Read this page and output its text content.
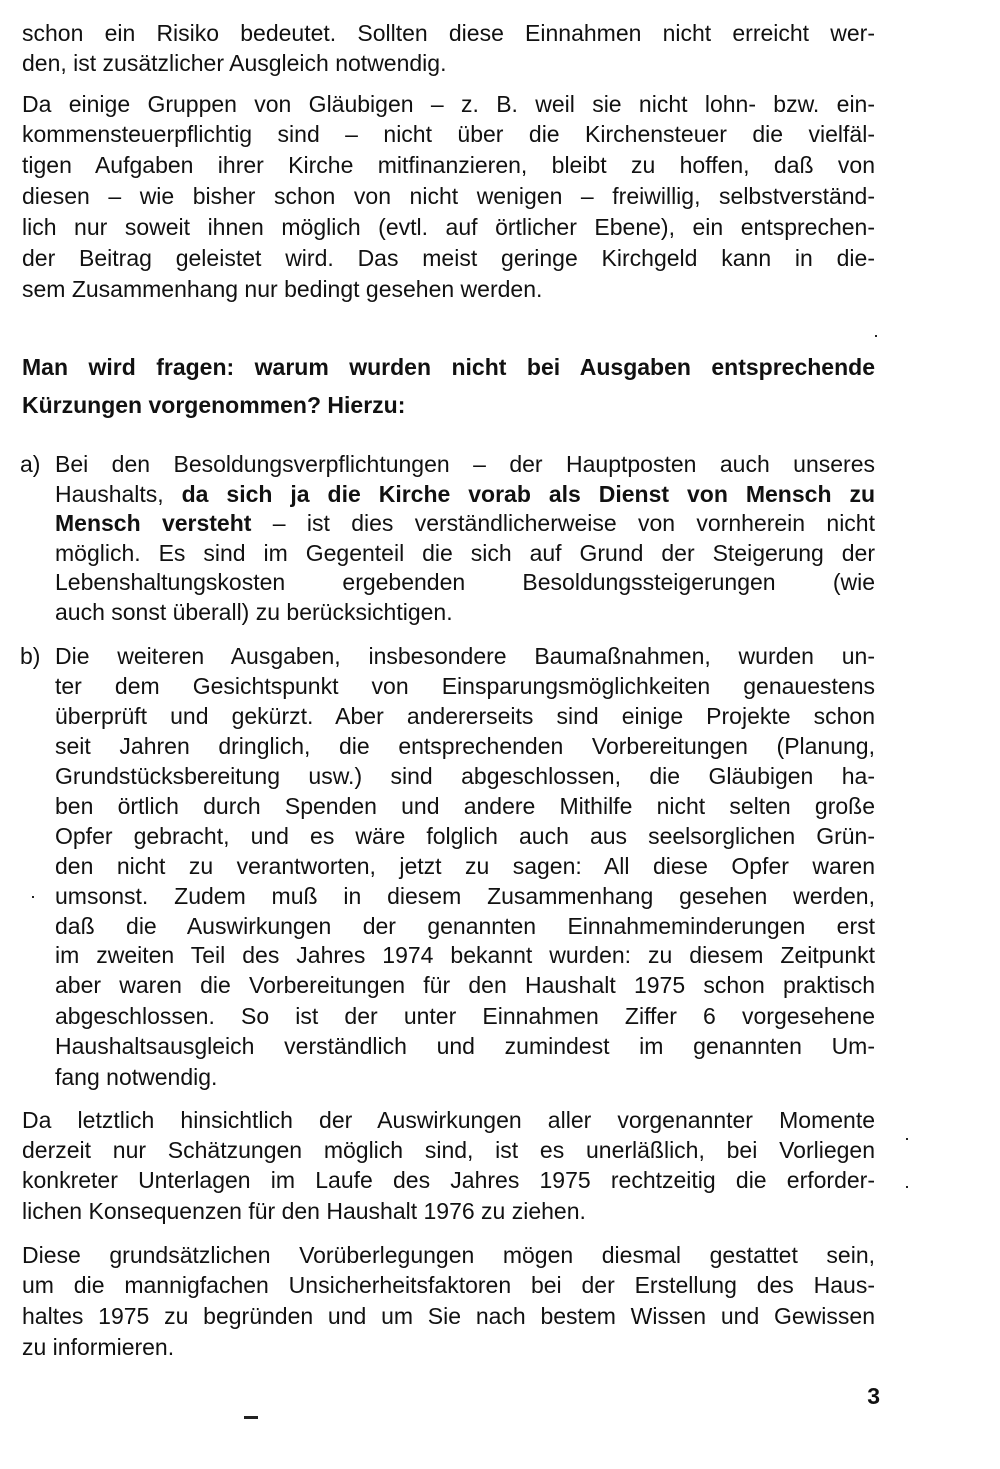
schon ein Risiko bedeutet. Sollten diese Einnahmen nicht erreicht wer-
den, ist zusätzlicher Ausgleich notwendig.
Da einige Gruppen von Gläubigen – z. B. weil sie nicht lohn- bzw. ein-
kommensteuerpflichtig sind – nicht über die Kirchensteuer die vielfäl-
tigen Aufgaben ihrer Kirche mitfinanzieren, bleibt zu hoffen, daß von
diesen – wie bisher schon von nicht wenigen – freiwillig, selbstverständ-
lich nur soweit ihnen möglich (evtl. auf örtlicher Ebene), ein entsprechen-
der Beitrag geleistet wird. Das meist geringe Kirchgeld kann in die-
sem Zusammenhang nur bedingt gesehen werden.
Man wird fragen: warum wurden nicht bei Ausgaben entsprechende
Kürzungen vorgenommen? Hierzu:
a) Bei den Besoldungsverpflichtungen – der Hauptposten auch unseres
Haushalts, da sich ja die Kirche vorab als Dienst von Mensch zu
Mensch versteht – ist dies verständlicherweise von vornherein nicht
möglich. Es sind im Gegenteil die sich auf Grund der Steigerung der
Lebenshaltungskosten ergebenden Besoldungssteigerungen (wie
auch sonst überall) zu berücksichtigen.
b) Die weiteren Ausgaben, insbesondere Baumaßnahmen, wurden un-
ter dem Gesichtspunkt von Einsparungsmöglichkeiten genauestens
überprüft und gekürzt. Aber andererseits sind einige Projekte schon
seit Jahren dringlich, die entsprechenden Vorbereitungen (Planung,
Grundstücksbereitung usw.) sind abgeschlossen, die Gläubigen ha-
ben örtlich durch Spenden und andere Mithilfe nicht selten große
Opfer gebracht, und es wäre folglich auch aus seelsorglichen Grün-
den nicht zu verantworten, jetzt zu sagen: All diese Opfer waren
umsonst. Zudem muß in diesem Zusammenhang gesehen werden,
daß die Auswirkungen der genannten Einnahmeminderungen erst
im zweiten Teil des Jahres 1974 bekannt wurden: zu diesem Zeitpunkt
aber waren die Vorbereitungen für den Haushalt 1975 schon praktisch
abgeschlossen. So ist der unter Einnahmen Ziffer 6 vorgesehene
Haushaltsausgleich verständlich und zumindest im genannten Um-
fang notwendig.
Da letztlich hinsichtlich der Auswirkungen aller vorgenannter Momente
derzeit nur Schätzungen möglich sind, ist es unerläßlich, bei Vorliegen
konkreter Unterlagen im Laufe des Jahres 1975 rechtzeitig die erforder-
lichen Konsequenzen für den Haushalt 1976 zu ziehen.
Diese grundsätzlichen Vorüberlegungen mögen diesmal gestattet sein,
um die mannigfachen Unsicherheitsfaktoren bei der Erstellung des Haus-
haltes 1975 zu begründen und um Sie nach bestem Wissen und Gewissen
zu informieren.
3
